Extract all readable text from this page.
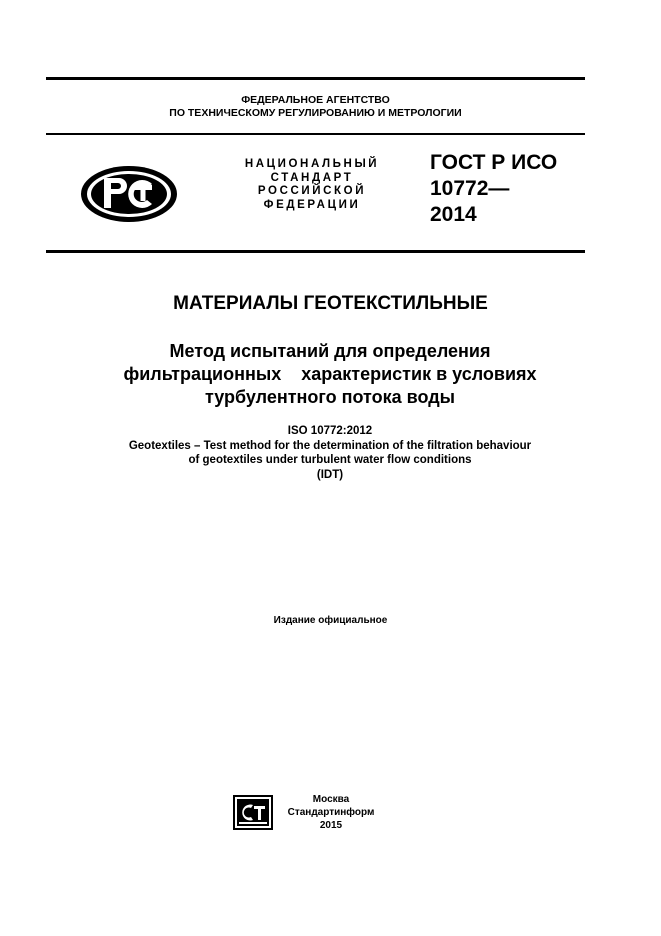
ФЕДЕРАЛЬНОЕ АГЕНТСТВО
ПО ТЕХНИЧЕСКОМУ РЕГУЛИРОВАНИЮ И МЕТРОЛОГИИ
НАЦИОНАЛЬНЫЙ
СТАНДАРТ
РОССИЙСКОЙ
ФЕДЕРАЦИИ
ГОСТ Р ИСО
10772—
2014
МАТЕРИАЛЫ ГЕОТЕКСТИЛЬНЫЕ
Метод испытаний для определения
фильтрационных    характеристик в условиях
турбулентного потока воды
ISO 10772:2012
Geotextiles – Test method for the determination of the filtration behaviour
of geotextiles under turbulent water flow conditions
(IDT)
Издание официальное
Москва
Стандартинформ
2015
